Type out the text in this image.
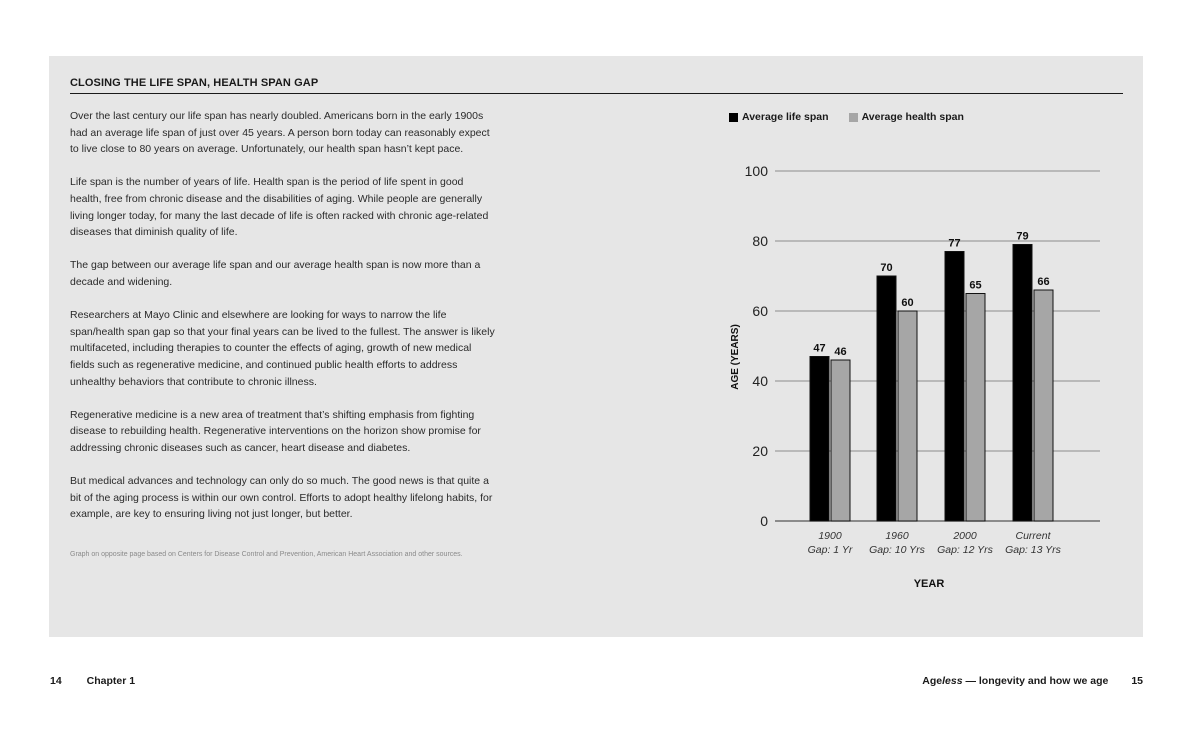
CLOSING THE LIFE SPAN, HEALTH SPAN GAP

Over the last century our life span has nearly doubled. Americans born in the early 1900s had an average life span of just over 45 years. A person born today can reasonably expect to live close to 80 years on average. Unfortunately, our health span hasn’t kept pace.

Life span is the number of years of life. Health span is the period of life spent in good health, free from chronic disease and the disabilities of aging. While people are generally living longer today, for many the last decade of life is often racked with chronic age-related diseases that diminish quality of life.

The gap between our average life span and our average health span is now more than a decade and widening.

Researchers at Mayo Clinic and elsewhere are looking for ways to narrow the life span/health span gap so that your final years can be lived to the fullest. The answer is likely multifaceted, including therapies to counter the effects of aging, growth of new medical fields such as regenerative medicine, and continued public health efforts to address unhealthy behaviors that contribute to chronic illness.

Regenerative medicine is a new area of treatment that’s shifting emphasis from fighting disease to rebuilding health. Regenerative interventions on the horizon show promise for addressing chronic diseases such as cancer, heart disease and diabetes.

But medical advances and technology can only do so much. The good news is that quite a bit of the aging process is within our own control. Efforts to adopt healthy lifelong habits, for example, are key to ensuring living not just longer, but better.

Graph on opposite page based on Centers for Disease Control and Prevention, American Heart Association and other sources.
Average life span	Average health span
0
20
40
60
80
100
AGE (YEARS)	47
70
77
79
46
60
65	66
1900
Gap: 1 Yr
1960
Gap: 10 Yrs
2000
Gap: 12 Yrs
Current
Gap: 13 Yrs
YEAR
14 Chapter 1	Ageless — longevity and how we age 15
